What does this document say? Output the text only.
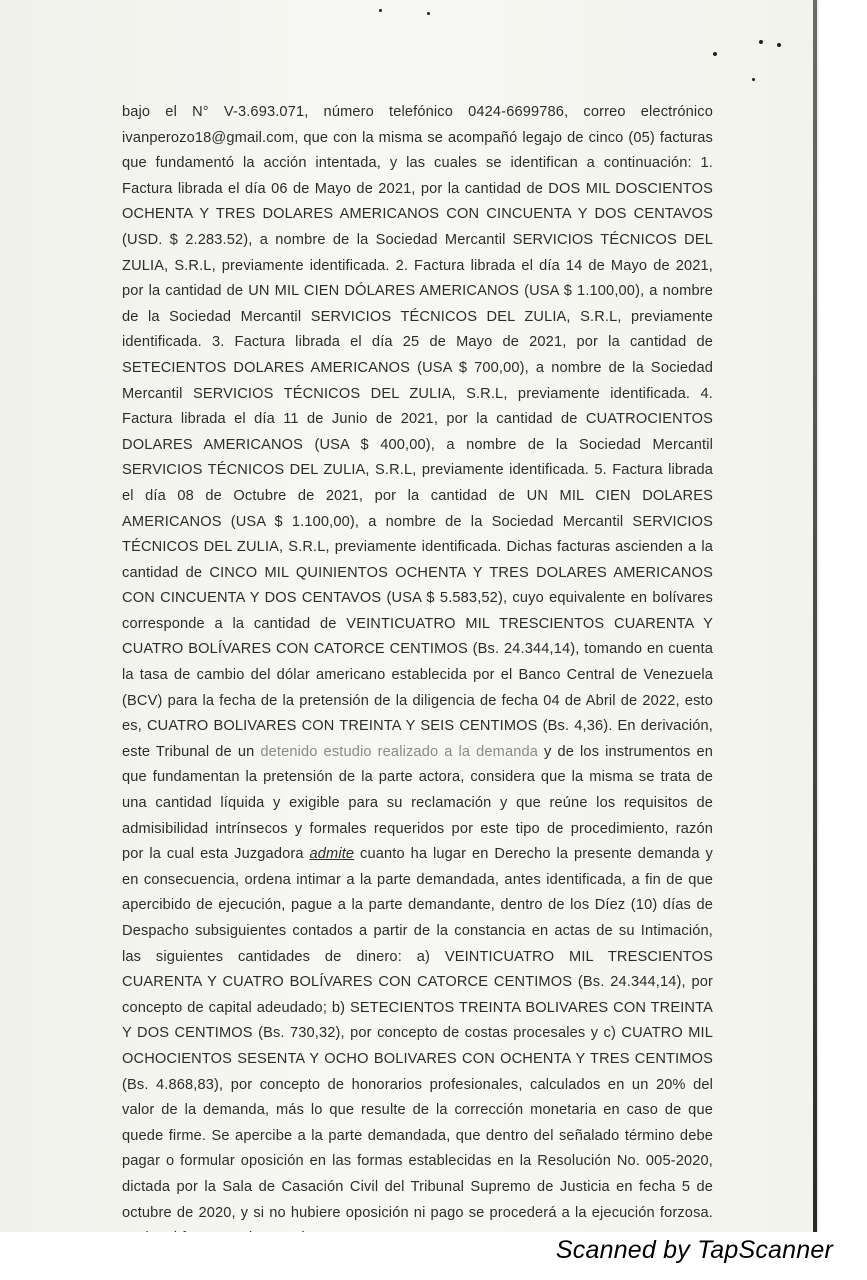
bajo el N° V-3.693.071, número telefónico 0424-6699786, correo electrónico ivanperozo18@gmail.com, que con la misma se acompañó legajo de cinco (05) facturas que fundamentó la acción intentada, y las cuales se identifican a continuación: 1. Factura librada el día 06 de Mayo de 2021, por la cantidad de DOS MIL DOSCIENTOS OCHENTA Y TRES DOLARES AMERICANOS CON CINCUENTA Y DOS CENTAVOS (USD. $ 2.283.52), a nombre de la Sociedad Mercantil SERVICIOS TÉCNICOS DEL ZULIA, S.R.L, previamente identificada. 2. Factura librada el día 14 de Mayo de 2021, por la cantidad de UN MIL CIEN DÓLARES AMERICANOS (USA $ 1.100,00), a nombre de la Sociedad Mercantil SERVICIOS TÉCNICOS DEL ZULIA, S.R.L, previamente identificada. 3. Factura librada el día 25 de Mayo de 2021, por la cantidad de SETECIENTOS DOLARES AMERICANOS (USA $ 700,00), a nombre de la Sociedad Mercantil SERVICIOS TÉCNICOS DEL ZULIA, S.R.L, previamente identificada. 4. Factura librada el día 11 de Junio de 2021, por la cantidad de CUATROCIENTOS DOLARES AMERICANOS (USA $ 400,00), a nombre de la Sociedad Mercantil SERVICIOS TÉCNICOS DEL ZULIA, S.R.L, previamente identificada. 5. Factura librada el día 08 de Octubre de 2021, por la cantidad de UN MIL CIEN DOLARES AMERICANOS (USA $ 1.100,00), a nombre de la Sociedad Mercantil SERVICIOS TÉCNICOS DEL ZULIA, S.R.L, previamente identificada. Dichas facturas ascienden a la cantidad de CINCO MIL QUINIENTOS OCHENTA Y TRES DOLARES AMERICANOS CON CINCUENTA Y DOS CENTAVOS (USA $ 5.583,52), cuyo equivalente en bolívares corresponde a la cantidad de VEINTICUATRO MIL TRESCIENTOS CUARENTA Y CUATRO BOLÍVARES CON CATORCE CENTIMOS (Bs. 24.344,14), tomando en cuenta la tasa de cambio del dólar americano establecida por el Banco Central de Venezuela (BCV) para la fecha de la pretensión de la diligencia de fecha 04 de Abril de 2022, esto es, CUATRO BOLIVARES CON TREINTA Y SEIS CENTIMOS (Bs. 4,36). En derivación, este Tribunal de un detenido estudio realizado a la demanda y de los instrumentos en que fundamentan la pretensión de la parte actora, considera que la misma se trata de una cantidad líquida y exigible para su reclamación y que reúne los requisitos de admisibilidad intrínsecos y formales requeridos por este tipo de procedimiento, razón por la cual esta Juzgadora admite cuanto ha lugar en Derecho la presente demanda y en consecuencia, ordena intimar a la parte demandada, antes identificada, a fin de que apercibido de ejecución, pague a la parte demandante, dentro de los Díez (10) días de Despacho subsiguientes contados a partir de la constancia en actas de su Intimación, las siguientes cantidades de dinero: a) VEINTICUATRO MIL TRESCIENTOS CUARENTA Y CUATRO BOLÍVARES CON CATORCE CENTIMOS (Bs. 24.344,14), por concepto de capital adeudado; b) SETECIENTOS TREINTA BOLIVARES CON TREINTA Y DOS CENTIMOS (Bs. 730,32), por concepto de costas procesales y c) CUATRO MIL OCHOCIENTOS SESENTA Y OCHO BOLIVARES CON OCHENTA Y TRES CENTIMOS (Bs. 4.868,83), por concepto de honorarios profesionales, calculados en un 20% del valor de la demanda, más lo que resulte de la corrección monetaria en caso de que quede firme. Se apercibe a la parte demandada, que dentro del señalado término debe pagar o formular oposición en las formas establecidas en la Resolución No. 005-2020, dictada por la Sala de Casación Civil del Tribunal Supremo de Justicia en fecha 5 de octubre de 2020, y si no hubiere oposición ni pago se procederá a la ejecución forzosa.

Scanned by TapScanner
